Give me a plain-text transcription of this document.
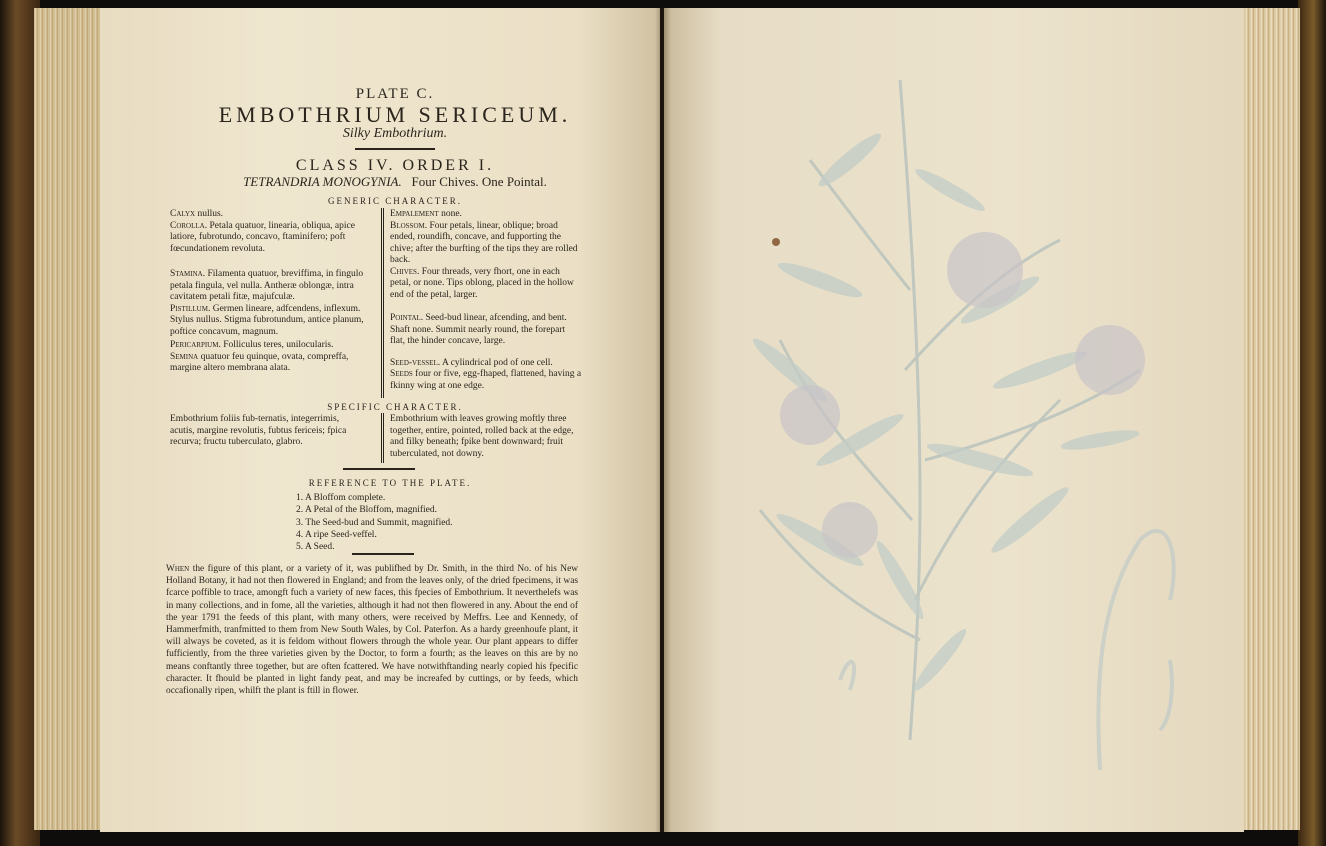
PLATE C.
EMBOTHRIUM SERICEUM.
Silky Embothrium.
CLASS IV. ORDER I.
TETRANDRIA MONOGYNIA. Four Chives. One Pointal.
GENERIC CHARACTER.

Calyx nullus.

Corolla. Petala quatuor, linearia, obliqua, apice latiore, fubrotundo, concavo, ftaminifero; poft fœcundationem revoluta.

Stamina. Filamenta quatuor, breviffima, in fingulo petala fingula, vel nulla. Antheræ oblongæ, intra cavitatem petali fitæ, majufculæ.

Pistillum. Germen lineare, adfcendens, inflexum. Stylus nullus. Stigma fubrotundum, antice planum, poftice concavum, magnum.

Pericarpium. Folliculus teres, unilocularis.

Semina quatuor feu quinque, ovata, compreffa, margine altero membrana alata.

Empalement none.

Blossom. Four petals, linear, oblique; broad ended, roundifh, concave, and fupporting the chive; after the burfting of the tips they are rolled back.

Chives. Four threads, very fhort, one in each petal, or none. Tips oblong, placed in the hollow end of the petal, larger.

Pointal. Seed-bud linear, afcending, and bent. Shaft none. Summit nearly round, the forepart flat, the hinder concave, large.

Seed-vessel. A cylindrical pod of one cell.

Seeds four or five, egg-fhaped, flattened, having a fkinny wing at one edge.

SPECIFIC CHARACTER.
Embothrium foliis fub-ternatis, integerrimis, acutis, margine revolutis, fubtus fericeis; fpica recurva; fructu tuberculato, glabro.
Embothrium with leaves growing moftly three together, entire, pointed, rolled back at the edge, and filky beneath; fpike bent downward; fruit tuberculated, not downy.
REFERENCE TO THE PLATE.
1. A Bloffom complete.
2. A Petal of the Bloffom, magnified.
3. The Seed-bud and Summit, magnified.
4. A ripe Seed-veffel.
5. A Seed.
When the figure of this plant, or a variety of it, was publifhed by Dr. Smith, in the third No. of his New Holland Botany, it had not then flowered in England; and from the leaves only, of the dried fpecimens, it was fcarce poffible to trace, amongft fuch a variety of new faces, this fpecies of Embothrium. It neverthelefs was in many collections, and in fome, all the varieties, although it had not then flowered in any. About the end of the year 1791 the feeds of this plant, with many others, were received by Meffrs. Lee and Kennedy, of Hammerfmith, tranfmitted to them from New South Wales, by Col. Paterfon. As a hardy greenhoufe plant, it will always be coveted, as it is feldom without flowers through the whole year. Our plant appears to differ fufficiently, from the three varieties given by the Doctor, to form a fourth; as the leaves on this are by no means conftantly three together, but are often fcattered. We have notwithftanding nearly copied his fpecific character. It fhould be planted in light fandy peat, and may be increafed by cuttings, or by feeds, which occafionally ripen, whilft the plant is ftill in flower.
